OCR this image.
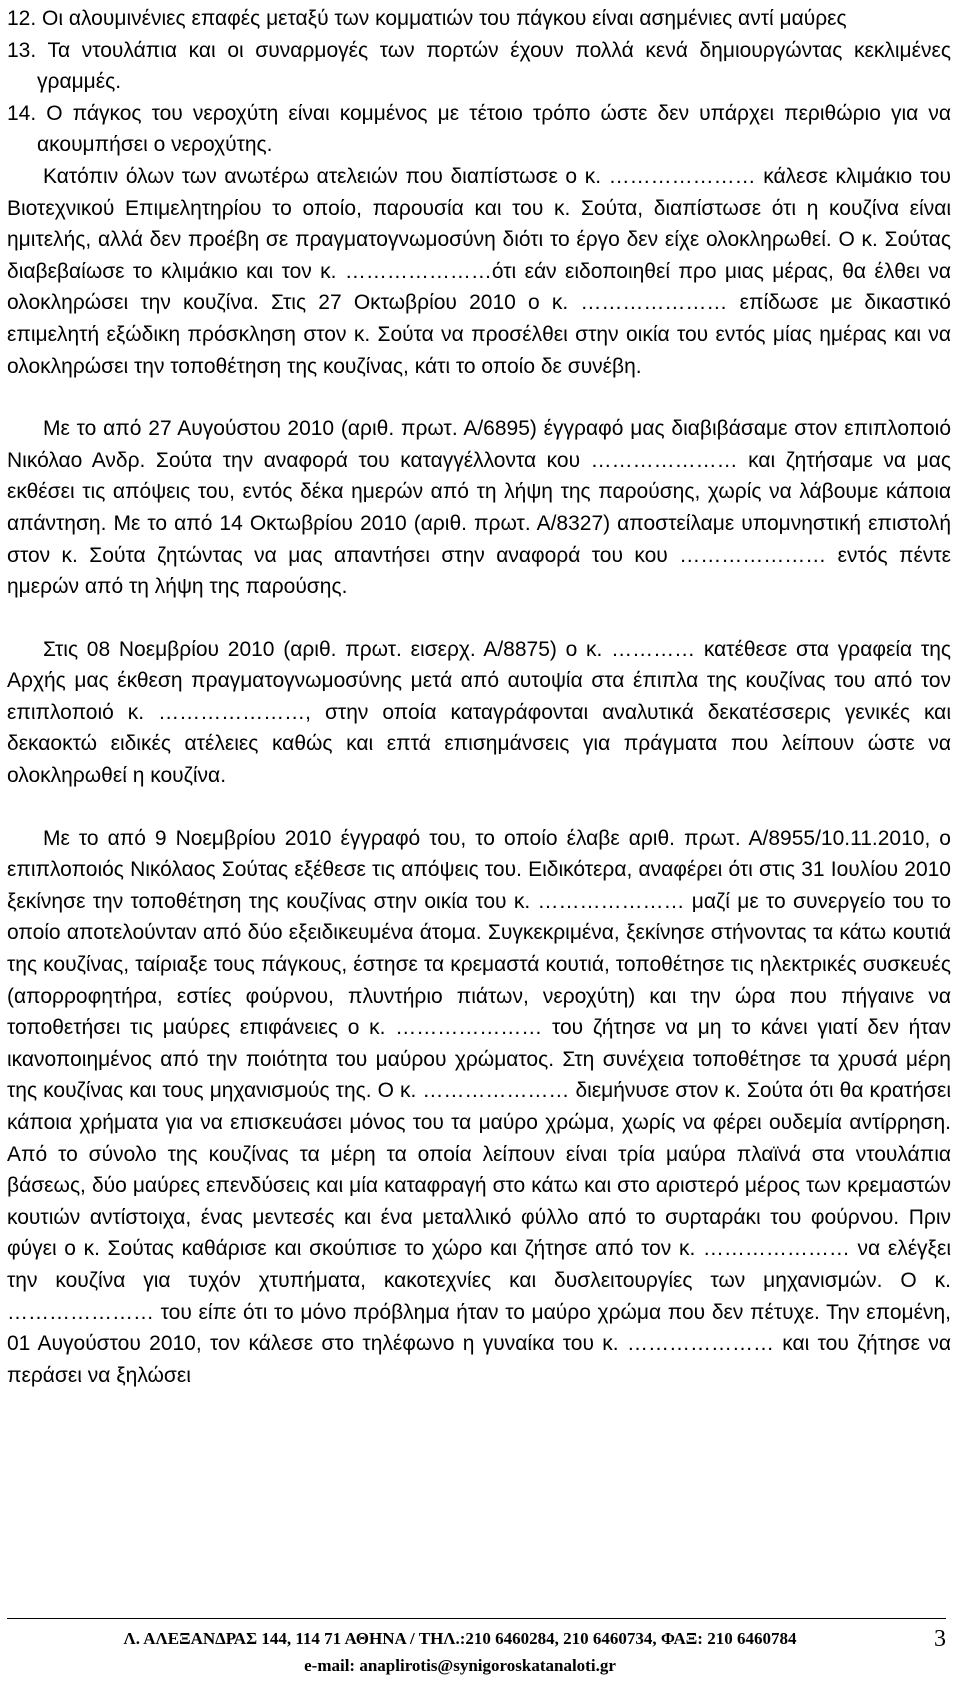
12. Οι αλουμινένιες επαφές μεταξύ των κομματιών του πάγκου είναι ασημένιες αντί μαύρες

13. Τα ντουλάπια και οι συναρμογές των πορτών έχουν πολλά κενά δημιουργώντας κεκλιμένες γραμμές.

14. Ο πάγκος του νεροχύτη είναι κομμένος με τέτοιο τρόπο ώστε δεν υπάρχει περιθώριο για να ακουμπήσει ο νεροχύτης.

Κατόπιν όλων των ανωτέρω ατελειών που διαπίστωσε ο κ. ………………… κάλεσε κλιμάκιο του Βιοτεχνικού Επιμελητηρίου το οποίο, παρουσία και του κ. Σούτα, διαπίστωσε ότι η κουζίνα είναι ημιτελής, αλλά δεν προέβη σε πραγματογνωμοσύνη διότι το έργο δεν είχε ολοκληρωθεί. Ο κ. Σούτας διαβεβαίωσε το κλιμάκιο και τον κ. …………………ότι εάν ειδοποιηθεί προ μιας μέρας, θα έλθει να ολοκληρώσει την κουζίνα. Στις 27 Οκτωβρίου 2010 ο κ. ………………… επίδωσε με δικαστικό επιμελητή εξώδικη πρόσκληση στον κ. Σούτα να προσέλθει στην οικία του εντός μίας ημέρας και να ολοκληρώσει την τοποθέτηση της κουζίνας, κάτι το οποίο δε συνέβη.

Με το από 27 Αυγούστου 2010 (αριθ. πρωτ. Α/6895) έγγραφό μας διαβιβάσαμε στον επιπλοποιό Νικόλαο Ανδρ. Σούτα την αναφορά του καταγγέλλοντα κου ………………… και ζητήσαμε να μας εκθέσει τις απόψεις του, εντός δέκα ημερών από τη λήψη της παρούσης, χωρίς να λάβουμε κάποια απάντηση. Με το από 14 Οκτωβρίου 2010 (αριθ. πρωτ. Α/8327) αποστείλαμε υπομνηστική επιστολή στον κ. Σούτα ζητώντας να μας απαντήσει στην αναφορά του κου ………………… εντός πέντε ημερών από τη λήψη της παρούσης.

Στις 08 Νοεμβρίου 2010 (αριθ. πρωτ. εισερχ. Α/8875) ο κ. ………… κατέθεσε στα γραφεία της Αρχής μας έκθεση πραγματογνωμοσύνης μετά από αυτοψία στα έπιπλα της κουζίνας του από τον επιπλοποιό κ. …………………, στην οποία καταγράφονται αναλυτικά δεκατέσσερις γενικές και δεκαοκτώ ειδικές ατέλειες καθώς και επτά επισημάνσεις για πράγματα που λείπουν ώστε να ολοκληρωθεί η κουζίνα.

Με το από 9 Νοεμβρίου 2010 έγγραφό του, το οποίο έλαβε αριθ. πρωτ. Α/8955/10.11.2010, ο επιπλοποιός Νικόλαος Σούτας εξέθεσε τις απόψεις του. Ειδικότερα, αναφέρει ότι στις 31 Ιουλίου 2010 ξεκίνησε την τοποθέτηση της κουζίνας στην οικία του κ. ………………… μαζί με το συνεργείο του το οποίο αποτελούνταν από δύο εξειδικευμένα άτομα. Συγκεκριμένα, ξεκίνησε στήνοντας τα κάτω κουτιά της κουζίνας, ταίριαξε τους πάγκους, έστησε τα κρεμαστά κουτιά, τοποθέτησε τις ηλεκτρικές συσκευές (απορροφητήρα, εστίες φούρνου, πλυντήριο πιάτων, νεροχύτη) και την ώρα που πήγαινε να τοποθετήσει τις μαύρες επιφάνειες ο κ. ………………… του ζήτησε να μη το κάνει γιατί δεν ήταν ικανοποιημένος από την ποιότητα του μαύρου χρώματος. Στη συνέχεια τοποθέτησε τα χρυσά μέρη της κουζίνας και τους μηχανισμούς της. Ο κ. ………………… διεμήνυσε στον κ. Σούτα ότι θα κρατήσει κάποια χρήματα για να επισκευάσει μόνος του τα μαύρο χρώμα, χωρίς να φέρει ουδεμία αντίρρηση. Από το σύνολο της κουζίνας τα μέρη τα οποία λείπουν είναι τρία μαύρα πλαϊνά στα ντουλάπια βάσεως, δύο μαύρες επενδύσεις και μία καταφραγή στο κάτω και στο αριστερό μέρος των κρεμαστών κουτιών αντίστοιχα, ένας μεντεσές και ένα μεταλλικό φύλλο από το συρταράκι του φούρνου. Πριν φύγει ο κ. Σούτας καθάρισε και σκούπισε το χώρο και ζήτησε από τον κ. ………………… να ελέγξει την κουζίνα για τυχόν χτυπήματα, κακοτεχνίες και δυσλειτουργίες των μηχανισμών. Ο κ. ………………… του είπε ότι το μόνο πρόβλημα ήταν το μαύρο χρώμα που δεν πέτυχε. Την επομένη, 01 Αυγούστου 2010, τον κάλεσε στο τηλέφωνο η γυναίκα του κ. ………………… και του ζήτησε να περάσει να ξηλώσει

Λ. ΑΛΕΞΑΝΔΡΑΣ 144, 114 71 ΑΘΗΝΑ / ΤΗΛ.:210 6460284, 210 6460734, ΦΑΞ: 210 6460784
e-mail: anaplirotis@synigoroskatanaloti.gr
3
